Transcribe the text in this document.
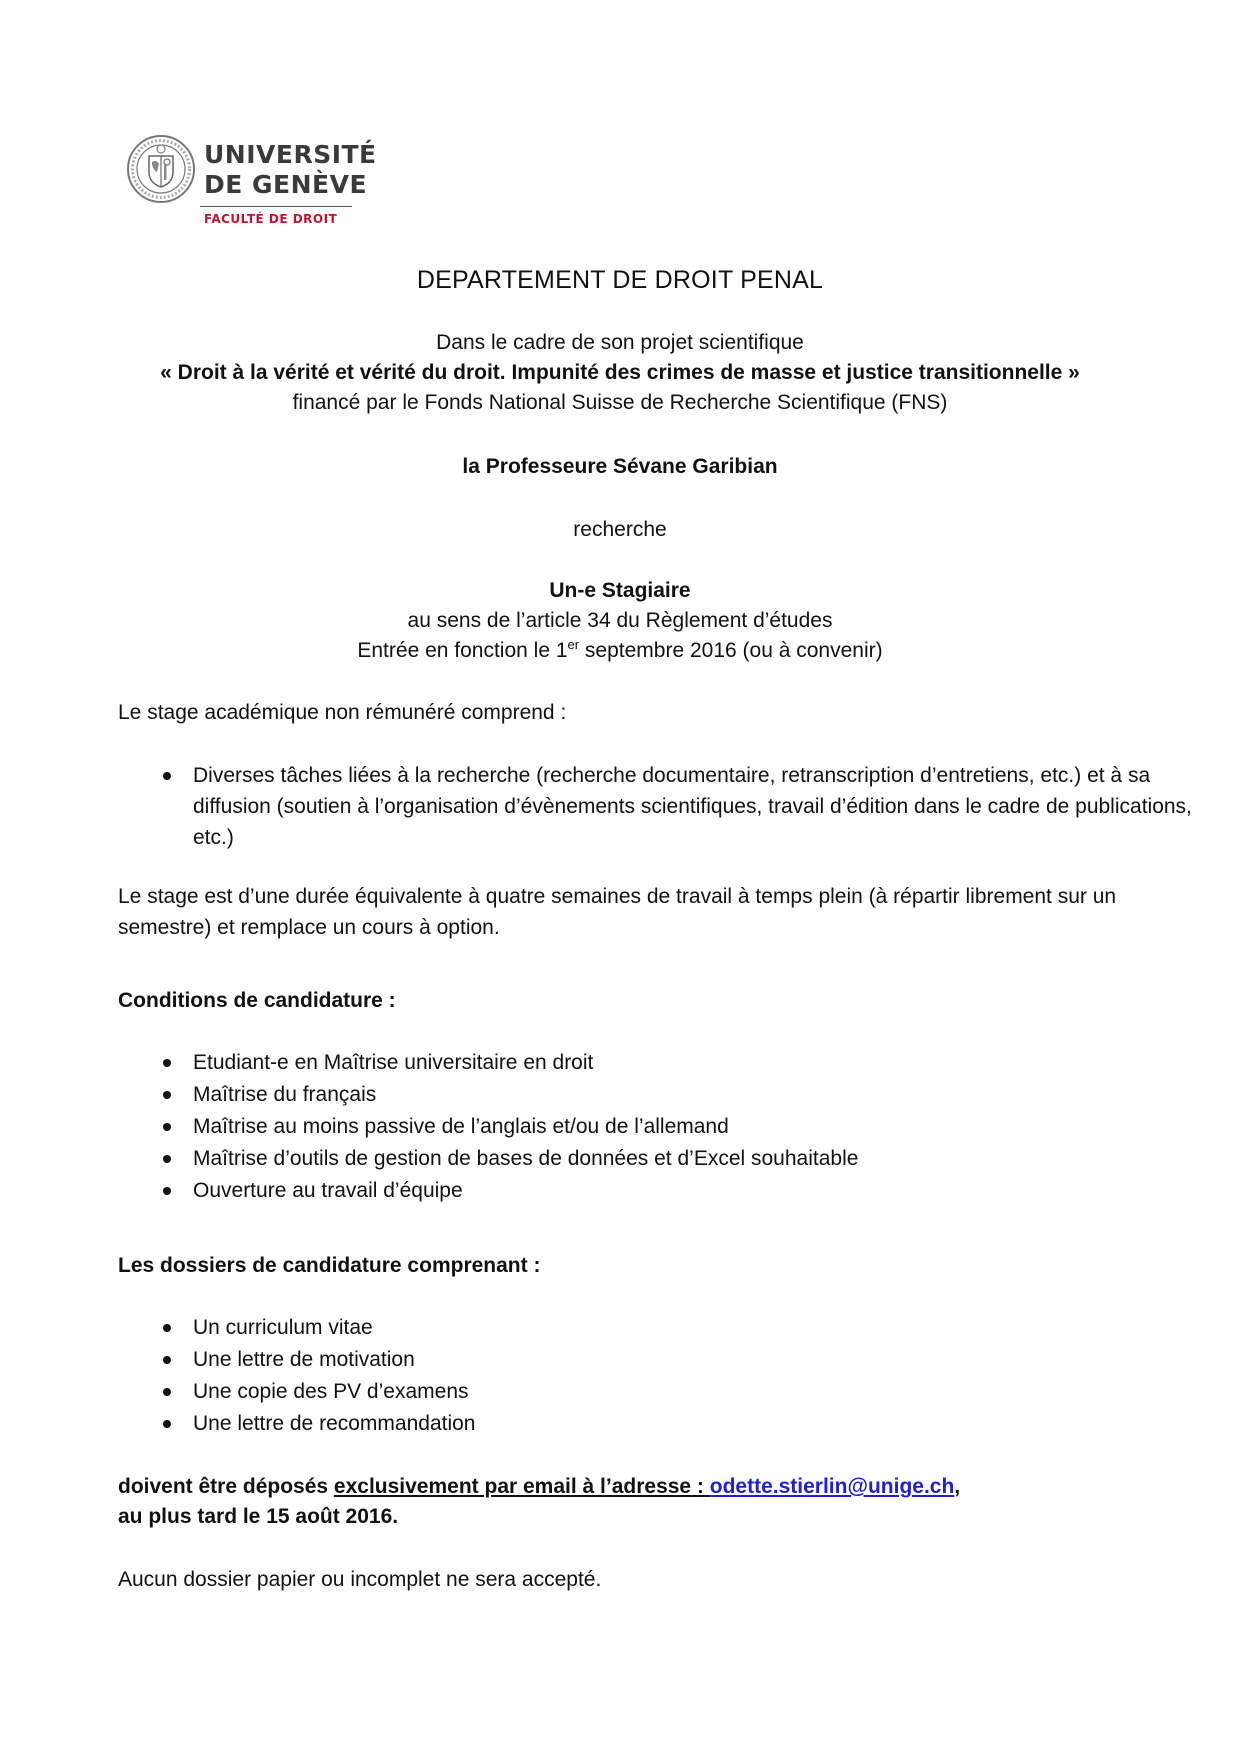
UNIVERSITÉ
DE GENÈVE
FACULTÉ DE DROIT
DEPARTEMENT DE DROIT PENAL
Dans le cadre de son projet scientifique
« Droit à la vérité et vérité du droit. Impunité des crimes de masse et justice transitionnelle »
financé par le Fonds National Suisse de Recherche Scientifique (FNS)
la Professeure Sévane Garibian
recherche
Un-e Stagiaire
au sens de l’article 34 du Règlement d’études
Entrée en fonction le 1er septembre 2016 (ou à convenir)
Le stage académique non rémunéré comprend :
Diverses tâches liées à la recherche (recherche documentaire, retranscription d’entretiens, etc.) et à sa diffusion (soutien à l’organisation d’évènements scientifiques, travail d’édition dans le cadre de publications, etc.)
Le stage est d’une durée équivalente à quatre semaines de travail à temps plein (à répartir librement sur un semestre) et remplace un cours à option.
Conditions de candidature :
Etudiant-e en Maîtrise universitaire en droit
Maîtrise du français
Maîtrise au moins passive de l’anglais et/ou de l’allemand
Maîtrise d’outils de gestion de bases de données et d’Excel souhaitable
Ouverture au travail d’équipe
Les dossiers de candidature comprenant :
Un curriculum vitae
Une lettre de motivation
Une copie des PV d’examens
Une lettre de recommandation
doivent être déposés exclusivement par email à l’adresse : odette.stierlin@unige.ch,
au plus tard le 15 août 2016.
Aucun dossier papier ou incomplet ne sera accepté.
